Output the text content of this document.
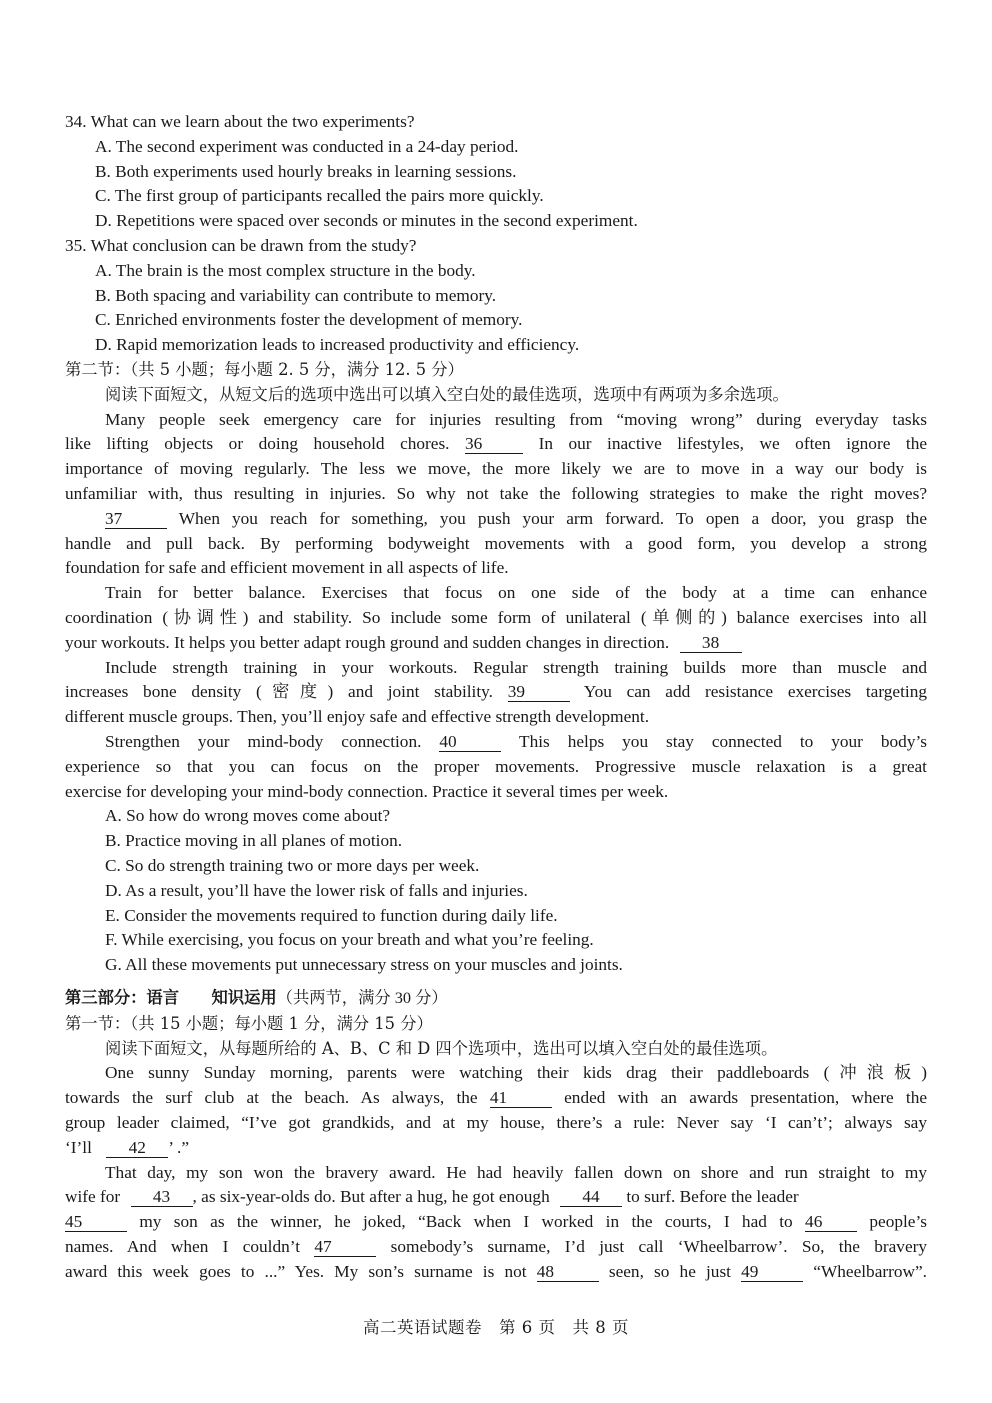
34. What can we learn about the two experiments?
A. The second experiment was conducted in a 24-day period.
B. Both experiments used hourly breaks in learning sessions.
C. The first group of participants recalled the pairs more quickly.
D. Repetitions were spaced over seconds or minutes in the second experiment.
35. What conclusion can be drawn from the study?
A. The brain is the most complex structure in the body.
B. Both spacing and variability can contribute to memory.
C. Enriched environments foster the development of memory.
D. Rapid memorization leads to increased productivity and efficiency.
第二节：（共 5 小题；每小题 2. 5 分，满分 12. 5 分）
阅读下面短文，从短文后的选项中选出可以填入空白处的最佳选项，选项中有两项为多余选项。
Many people seek emergency care for injuries resulting from “moving wrong” during everyday tasks
like lifting objects or doing household chores. 36	In our inactive lifestyles, we often ignore the
importance of moving regularly. The less we move, the more likely we are to move in a way our body is
unfamiliar with, thus resulting in injuries. So why not take the following strategies to make the right moves?
37	When you reach for something, you push your arm forward. To open a door, you grasp the
handle and pull back. By performing bodyweight movements with a good form, you develop a strong
foundation for safe and efficient movement in all aspects of life.
Train for better balance. Exercises that focus on one side of the body at a time can enhance
coordination (协调性) and stability. So include some form of unilateral (单侧的) balance exercises into all
your workouts. It helps you better adapt rough ground and sudden changes in direction. 38
Include strength training in your workouts. Regular strength training builds more than muscle and
increases bone density (密度) and joint stability. 39	You can add resistance exercises targeting
different muscle groups. Then, you’ll enjoy safe and effective strength development.
Strengthen your mind-body connection. 40	This helps you stay connected to your body’s
experience so that you can focus on the proper movements. Progressive muscle relaxation is a great
exercise for developing your mind-body connection. Practice it several times per week.
A. So how do wrong moves come about?
B. Practice moving in all planes of motion.
C. So do strength training two or more days per week.
D. As a result, you’ll have the lower risk of falls and injuries.
E. Consider the movements required to function during daily life.
F. While exercising, you focus on your breath and what you’re feeling.
G. All these movements put unnecessary stress on your muscles and joints.
第三部分：语言　　知识运用（共两节，满分 30 分）
第一节：（共 15 小题；每小题 1 分，满分 15 分）
阅读下面短文，从每题所给的 A、B、C 和 D 四个选项中，选出可以填入空白处的最佳选项。
One sunny Sunday morning, parents were watching their kids drag their paddleboards (冲浪板)
towards the surf club at the beach. As always, the 41	ended with an awards presentation, where the
group leader claimed, “I’ve got grandkids, and at my house, there’s a rule: Never say ‘I can’t’; always say
‘I’ll 42 ’ .”
That day, my son won the bravery award. He had heavily fallen down on shore and run straight to my
wife for 43 , as six-year-olds do. But after a hug, he got enough 44 to surf. Before the leader
45	my son as the winner, he joked, “Back when I worked in the courts, I had to 46	people’s
names. And when I couldn’t 47	somebody’s surname, I’d just call ‘Wheelbarrow’. So, the bravery
award this week goes to ...” Yes. My son’s surname is not 48	seen, so he just 49	“Wheelbarrow”.
高二英语试题卷　第 6 页　共 8 页
